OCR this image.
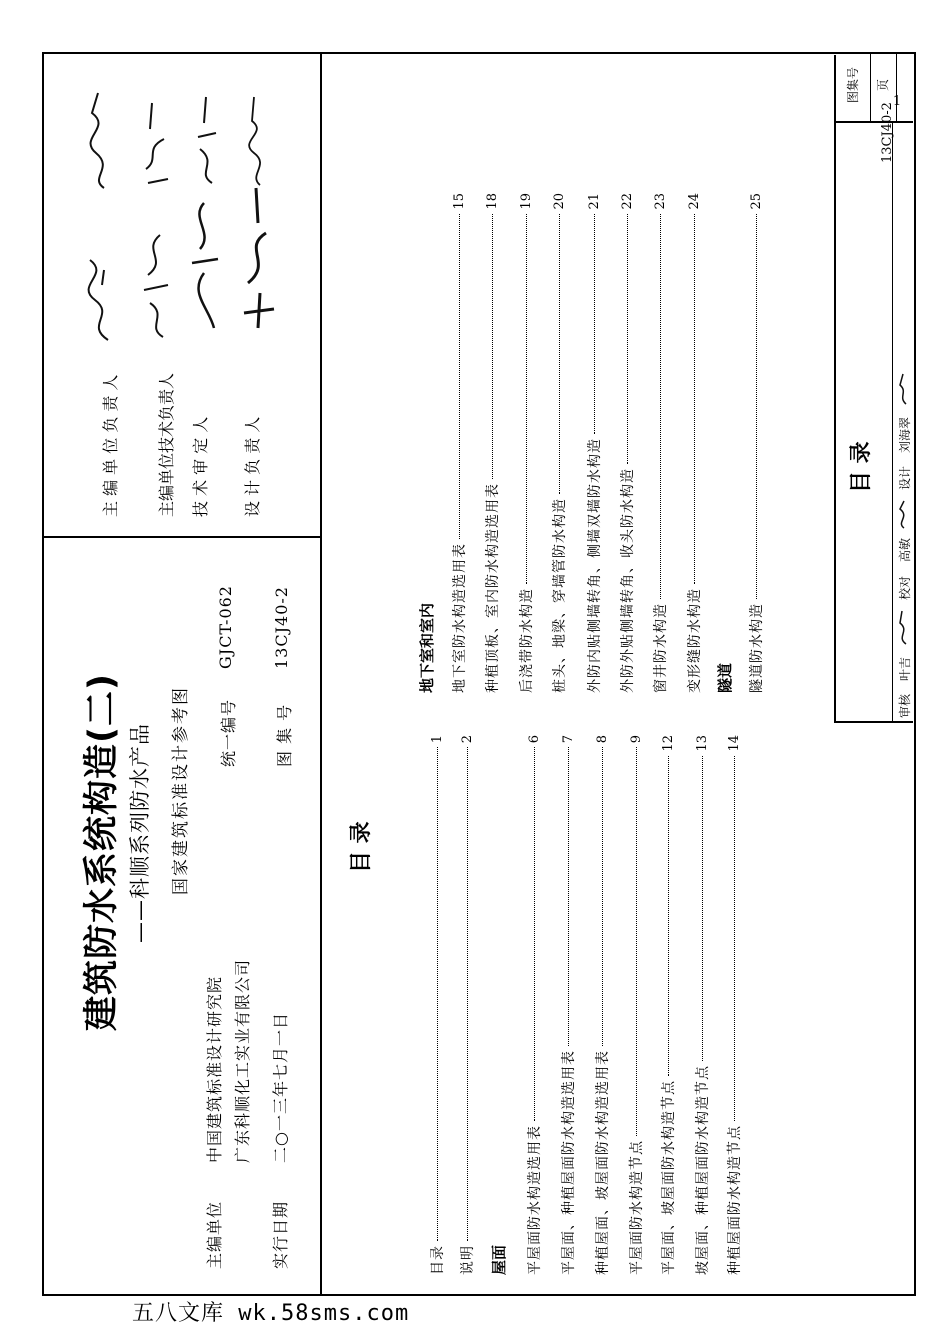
建筑防水系统构造(二) ——科顺系列防水产品 国家建筑标准设计参考图
主编单位
中国建筑标准设计研究院 广东科顺化工实业有限公司
实行日期
二○一三年七月一日
统一编号
GJCT-062
图 集 号
13CJ40-2
主 编 单 位 负 责 人 主编单位技术负责人 技 术 审 定 人 设 计 负 责 人
目 录
目录
1
说明
2
屋面 平屋面防水构造选用表
6
平屋面、种植屋面防水构造选用表
7
种植屋面、坡屋面防水构造选用表
8
平屋面防水构造节点
9
平屋面、坡屋面防水构造节点
12
坡屋面、种植屋面防水构造节点
13
种植屋面防水构造节点
14
地下室和室内 地下室防水构造选用表
15
种植顶板、室内防水构造选用表
18
后浇带防水构造
19
桩头、地梁、穿墙管防水构造
20
外防内贴侧墙转角、侧墙双墙防水构造
21
外防外贴侧墙转角、收头防水构造
22
窗井防水构造
23
变形缝防水构造
24
隧道 隧道防水构造
25
目 录
图集号 页
审核
叶吉
校对
高敏
设计
刘海翠
13CJ40-2
1
五八文库 wk.58sms.com
